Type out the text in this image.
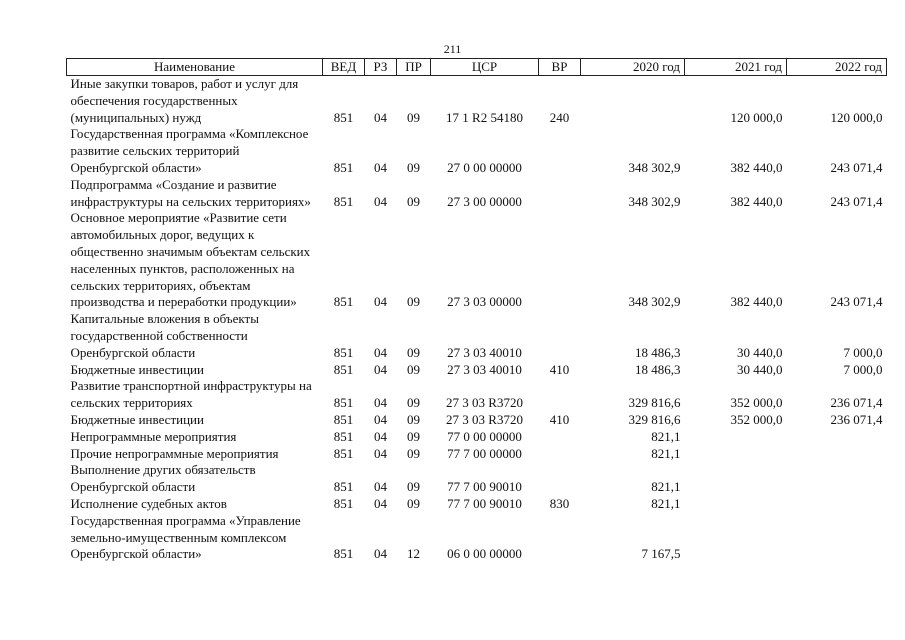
211
Наименование	ВЕД	РЗ	ПР	ЦСР	ВР	2020 год	2021 год	2022 год
Иные закупки товаров, работ и услуг для обеспечения государственных (муниципальных) нужд	851	04	09	17 1 R2 54180	240		120 000,0	120 000,0
Государственная программа «Комплексное развитие сельских территорий Оренбургской области»	851	04	09	27 0 00 00000		348 302,9	382 440,0	243 071,4
Подпрограмма «Создание и развитие инфраструктуры на сельских территориях»	851	04	09	27 3 00 00000		348 302,9	382 440,0	243 071,4
Основное мероприятие «Развитие сети автомобильных дорог, ведущих к общественно значимым объектам сельских населенных пунктов, расположенных на сельских территориях, объектам производства и переработки продукции»	851	04	09	27 3 03 00000		348 302,9	382 440,0	243 071,4
Капитальные вложения в объекты государственной собственности Оренбургской области	851	04	09	27 3 03 40010		18 486,3	30 440,0	7 000,0
Бюджетные инвестиции	851	04	09	27 3 03 40010	410	18 486,3	30 440,0	7 000,0
Развитие транспортной инфраструктуры на сельских территориях	851	04	09	27 3 03 R3720		329 816,6	352 000,0	236 071,4
Бюджетные инвестиции	851	04	09	27 3 03 R3720	410	329 816,6	352 000,0	236 071,4
Непрограммные мероприятия	851	04	09	77 0 00 00000		821,1		
Прочие непрограммные мероприятия	851	04	09	77 7 00 00000		821,1		
Выполнение других обязательств Оренбургской области	851	04	09	77 7 00 90010		821,1		
Исполнение судебных актов	851	04	09	77 7 00 90010	830	821,1		
Государственная программа «Управление земельно-имущественным комплексом Оренбургской области»	851	04	12	06 0 00 00000		7 167,5		
